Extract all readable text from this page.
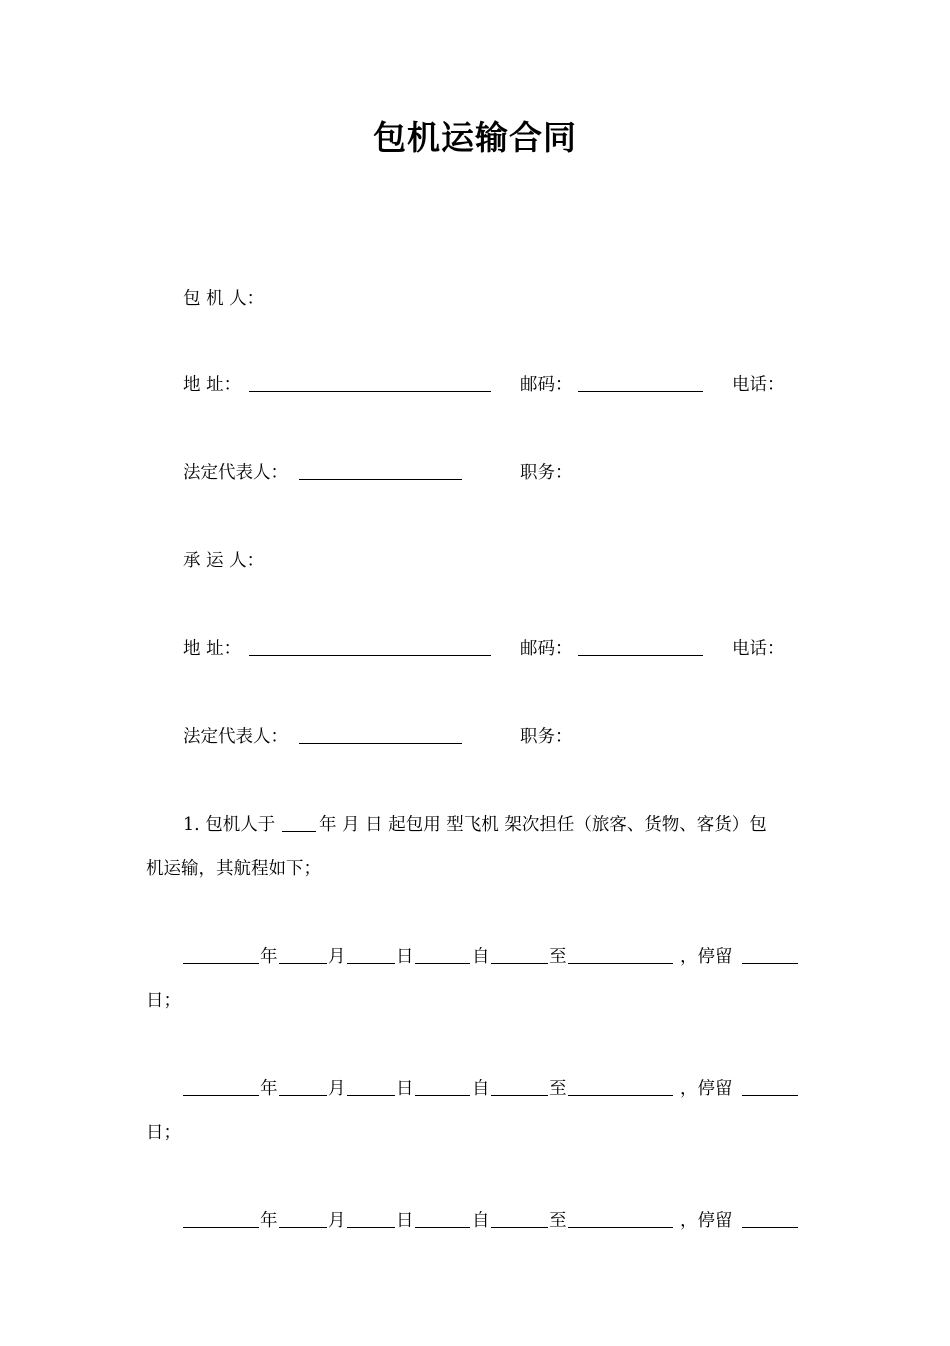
包机运输合同
包 机 人：
地 址：	邮码：	电话：
法定代表人：	职务：
承 运 人：
地 址：	邮码：	电话：
法定代表人：	职务：
1. 包机人于 年 月 日 起包用 型飞机 架次担任（旅客、货物、客货）包
机运输，其航程如下；
年	月	日	自	至	，停留
日；
年	月	日	自	至	，停留
日；
年	月	日	自	至	，停留
